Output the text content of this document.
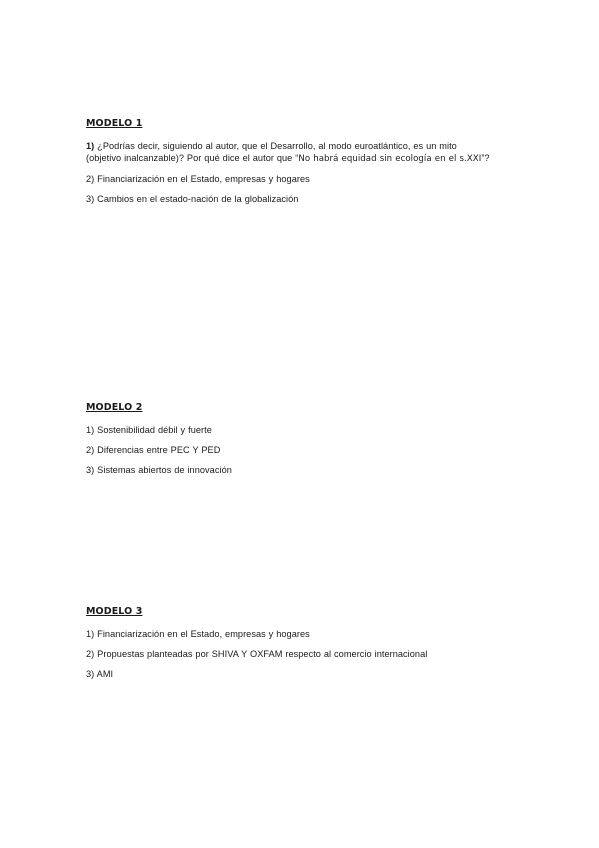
MODELO 1
1) ¿Podrías decir, siguiendo al autor, que el Desarrollo, al modo euroatlántico, es un mito
(objetivo inalcanzable)? Por qué dice el autor que “No habrá equidad sin ecología en el s.XXI”?
2) Financiarización en el Estado, empresas y hogares
3) Cambios en el estado-nación de la globalización
MODELO 2
1) Sostenibilidad débil y fuerte
2) Diferencias entre PEC Y PED
3) Sistemas abiertos de innovación
MODELO 3
1) Financiarización en el Estado, empresas y hogares
2) Propuestas planteadas por SHIVA Y OXFAM respecto al comercio internacional
3) AMI
